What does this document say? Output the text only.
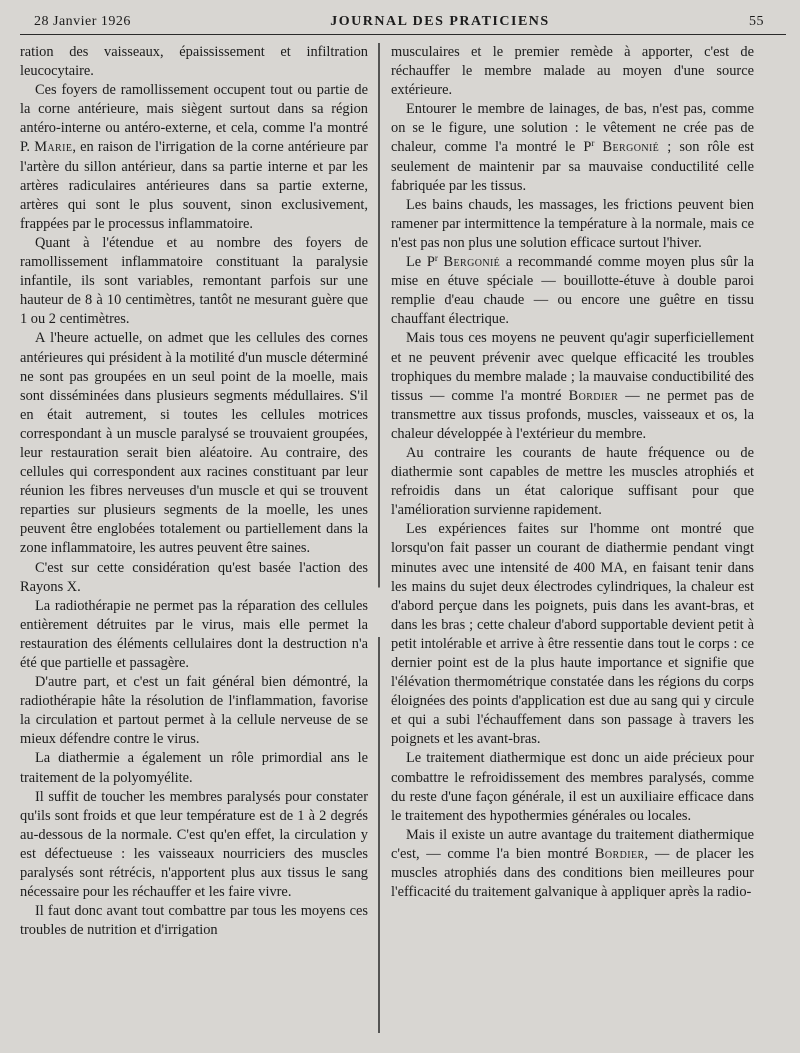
28 Janvier 1926	JOURNAL DES PRATICIENS	55

ration des vaisseaux, épaississement et infiltration leucocytaire.

Ces foyers de ramollissement occupent tout ou partie de la corne antérieure, mais siègent surtout dans sa région antéro-interne ou antéro-externe, et cela, comme l'a montré P. Marie, en raison de l'irrigation de la corne antérieure par l'artère du sillon antérieur, dans sa partie interne et par les artères radiculaires antérieures dans sa partie externe, artères qui sont le plus souvent, sinon exclusivement, frappées par le processus inflammatoire.

Quant à l'étendue et au nombre des foyers de ramollissement inflammatoire constituant la paralysie infantile, ils sont variables, remontant parfois sur une hauteur de 8 à 10 centimètres, tantôt ne mesurant guère que 1 ou 2 centimètres.

A l'heure actuelle, on admet que les cellules des cornes antérieures qui président à la motilité d'un muscle déterminé ne sont pas groupées en un seul point de la moelle, mais sont disséminées dans plusieurs segments médullaires. S'il en était autrement, si toutes les cellules motrices correspondant à un muscle paralysé se trouvaient groupées, leur restauration serait bien aléatoire. Au contraire, des cellules qui correspondent aux racines constituant par leur réunion les fibres nerveuses d'un muscle et qui se trouvent reparties sur plusieurs segments de la moelle, les unes peuvent être englobées totalement ou partiellement dans la zone inflammatoire, les autres peuvent être saines.

C'est sur cette considération qu'est basée l'action des Rayons X.

La radiothérapie ne permet pas la réparation des cellules entièrement détruites par le virus, mais elle permet la restauration des éléments cellulaires dont la destruction n'a été que partielle et passagère.

D'autre part, et c'est un fait général bien démontré, la radiothérapie hâte la résolution de l'inflammation, favorise la circulation et partout permet à la cellule nerveuse de se mieux défendre contre le virus.

La diathermie a également un rôle primordial ans le traitement de la polyomyélite.

Il suffit de toucher les membres paralysés pour constater qu'ils sont froids et que leur température est de 1 à 2 degrés au-dessous de la normale. C'est qu'en effet, la circulation y est défectueuse : les vaisseaux nourriciers des muscles paralysés sont rétrécis, n'apportent plus aux tissus le sang nécessaire pour les réchauffer et les faire vivre.

Il faut donc avant tout combattre par tous les moyens ces troubles de nutrition et d'irrigation

musculaires et le premier remède à apporter, c'est de réchauffer le membre malade au moyen d'une source extérieure.

Entourer le membre de lainages, de bas, n'est pas, comme on se le figure, une solution : le vêtement ne crée pas de chaleur, comme l'a montré le $P^r$ Bergonié ; son rôle est seulement de maintenir par sa mauvaise conductilité celle fabriquée par les tissus.

Les bains chauds, les massages, les frictions peuvent bien ramener par intermittence la température à la normale, mais ce n'est pas non plus une solution efficace surtout l'hiver.

Le $P^r$ Bergonié a recommandé comme moyen plus sûr la mise en étuve spéciale — bouillotte-étuve à double paroi remplie d'eau chaude — ou encore une guêtre en tissu chauffant électrique.

Mais tous ces moyens ne peuvent qu'agir superficiellement et ne peuvent prévenir avec quelque efficacité les troubles trophiques du membre malade ; la mauvaise conductibilité des tissus — comme l'a montré Bordier — ne permet pas de transmettre aux tissus profonds, muscles, vaisseaux et os, la chaleur développée à l'extérieur du membre.

Au contraire les courants de haute fréquence ou de diathermie sont capables de mettre les muscles atrophiés et refroidis dans un état calorique suffisant pour que l'amélioration survienne rapidement.

Les expériences faites sur l'homme ont montré que lorsqu'on fait passer un courant de diathermie pendant vingt minutes avec une intensité de 400 MA, en faisant tenir dans les mains du sujet deux électrodes cylindriques, la chaleur est d'abord perçue dans les poignets, puis dans les avant-bras, et dans les bras ; cette chaleur d'abord supportable devient petit à petit intolérable et arrive à être ressentie dans tout le corps : ce dernier point est de la plus haute importance et signifie que l'élévation thermométrique constatée dans les régions du corps éloignées des points d'application est due au sang qui y circule et qui a subi l'échauffement dans son passage à travers les poignets et les avant-bras.

Le traitement diathermique est donc un aide précieux pour combattre le refroidissement des membres paralysés, comme du reste d'une façon générale, il est un auxiliaire efficace dans le traitement des hypothermies générales ou locales.

Mais il existe un autre avantage du traitement diathermique c'est, — comme l'a bien montré Bordier, — de placer les muscles atrophiés dans des conditions bien meilleures pour l'efficacité du traitement galvanique à appliquer après la radio-
